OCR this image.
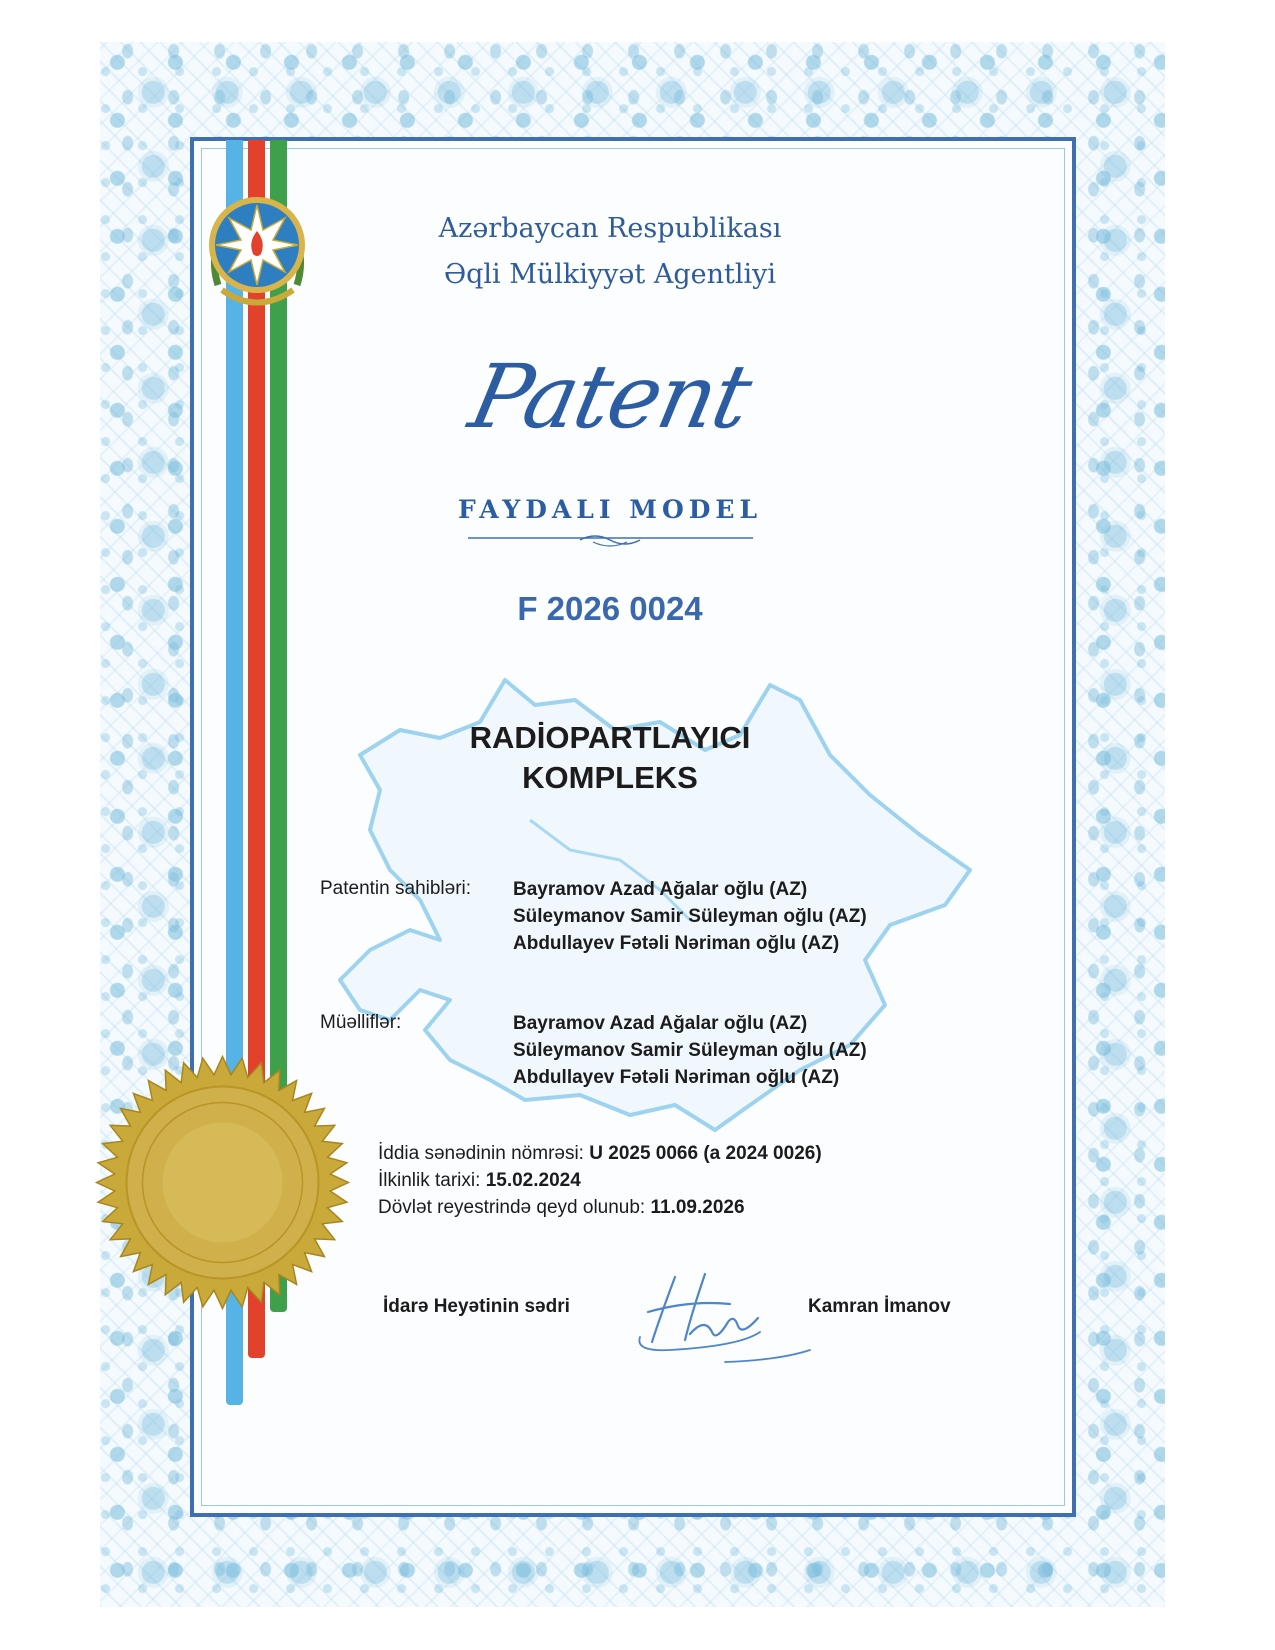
Azərbaycan Respublikası

Əqli Mülkiyyət Agentliyi

Patent

FAYDALI MODEL

F 2026 0024

RADİOPARTLAYICI
KOMPLEKS
Patentin sahibləri: Bayramov Azad Ağalar oğlu (AZ)
Süleymanov Samir Süleyman oğlu (AZ)
Abdullayev Fətəli Nəriman oğlu (AZ)
Müəlliflər:	Bayramov Azad Ağalar oğlu (AZ)
Süleymanov Samir Süleyman oğlu (AZ)
Abdullayev Fətəli Nəriman oğlu (AZ)
İddia sənədinin nömrəsi: U 2025 0066 (a 2024 0026)
İlkinlik tarixi: 15.02.2024
Dövlət reyestrində qeyd olunub: 11.09.2026
İdarə Heyətinin sədri	Kamran İmanov
